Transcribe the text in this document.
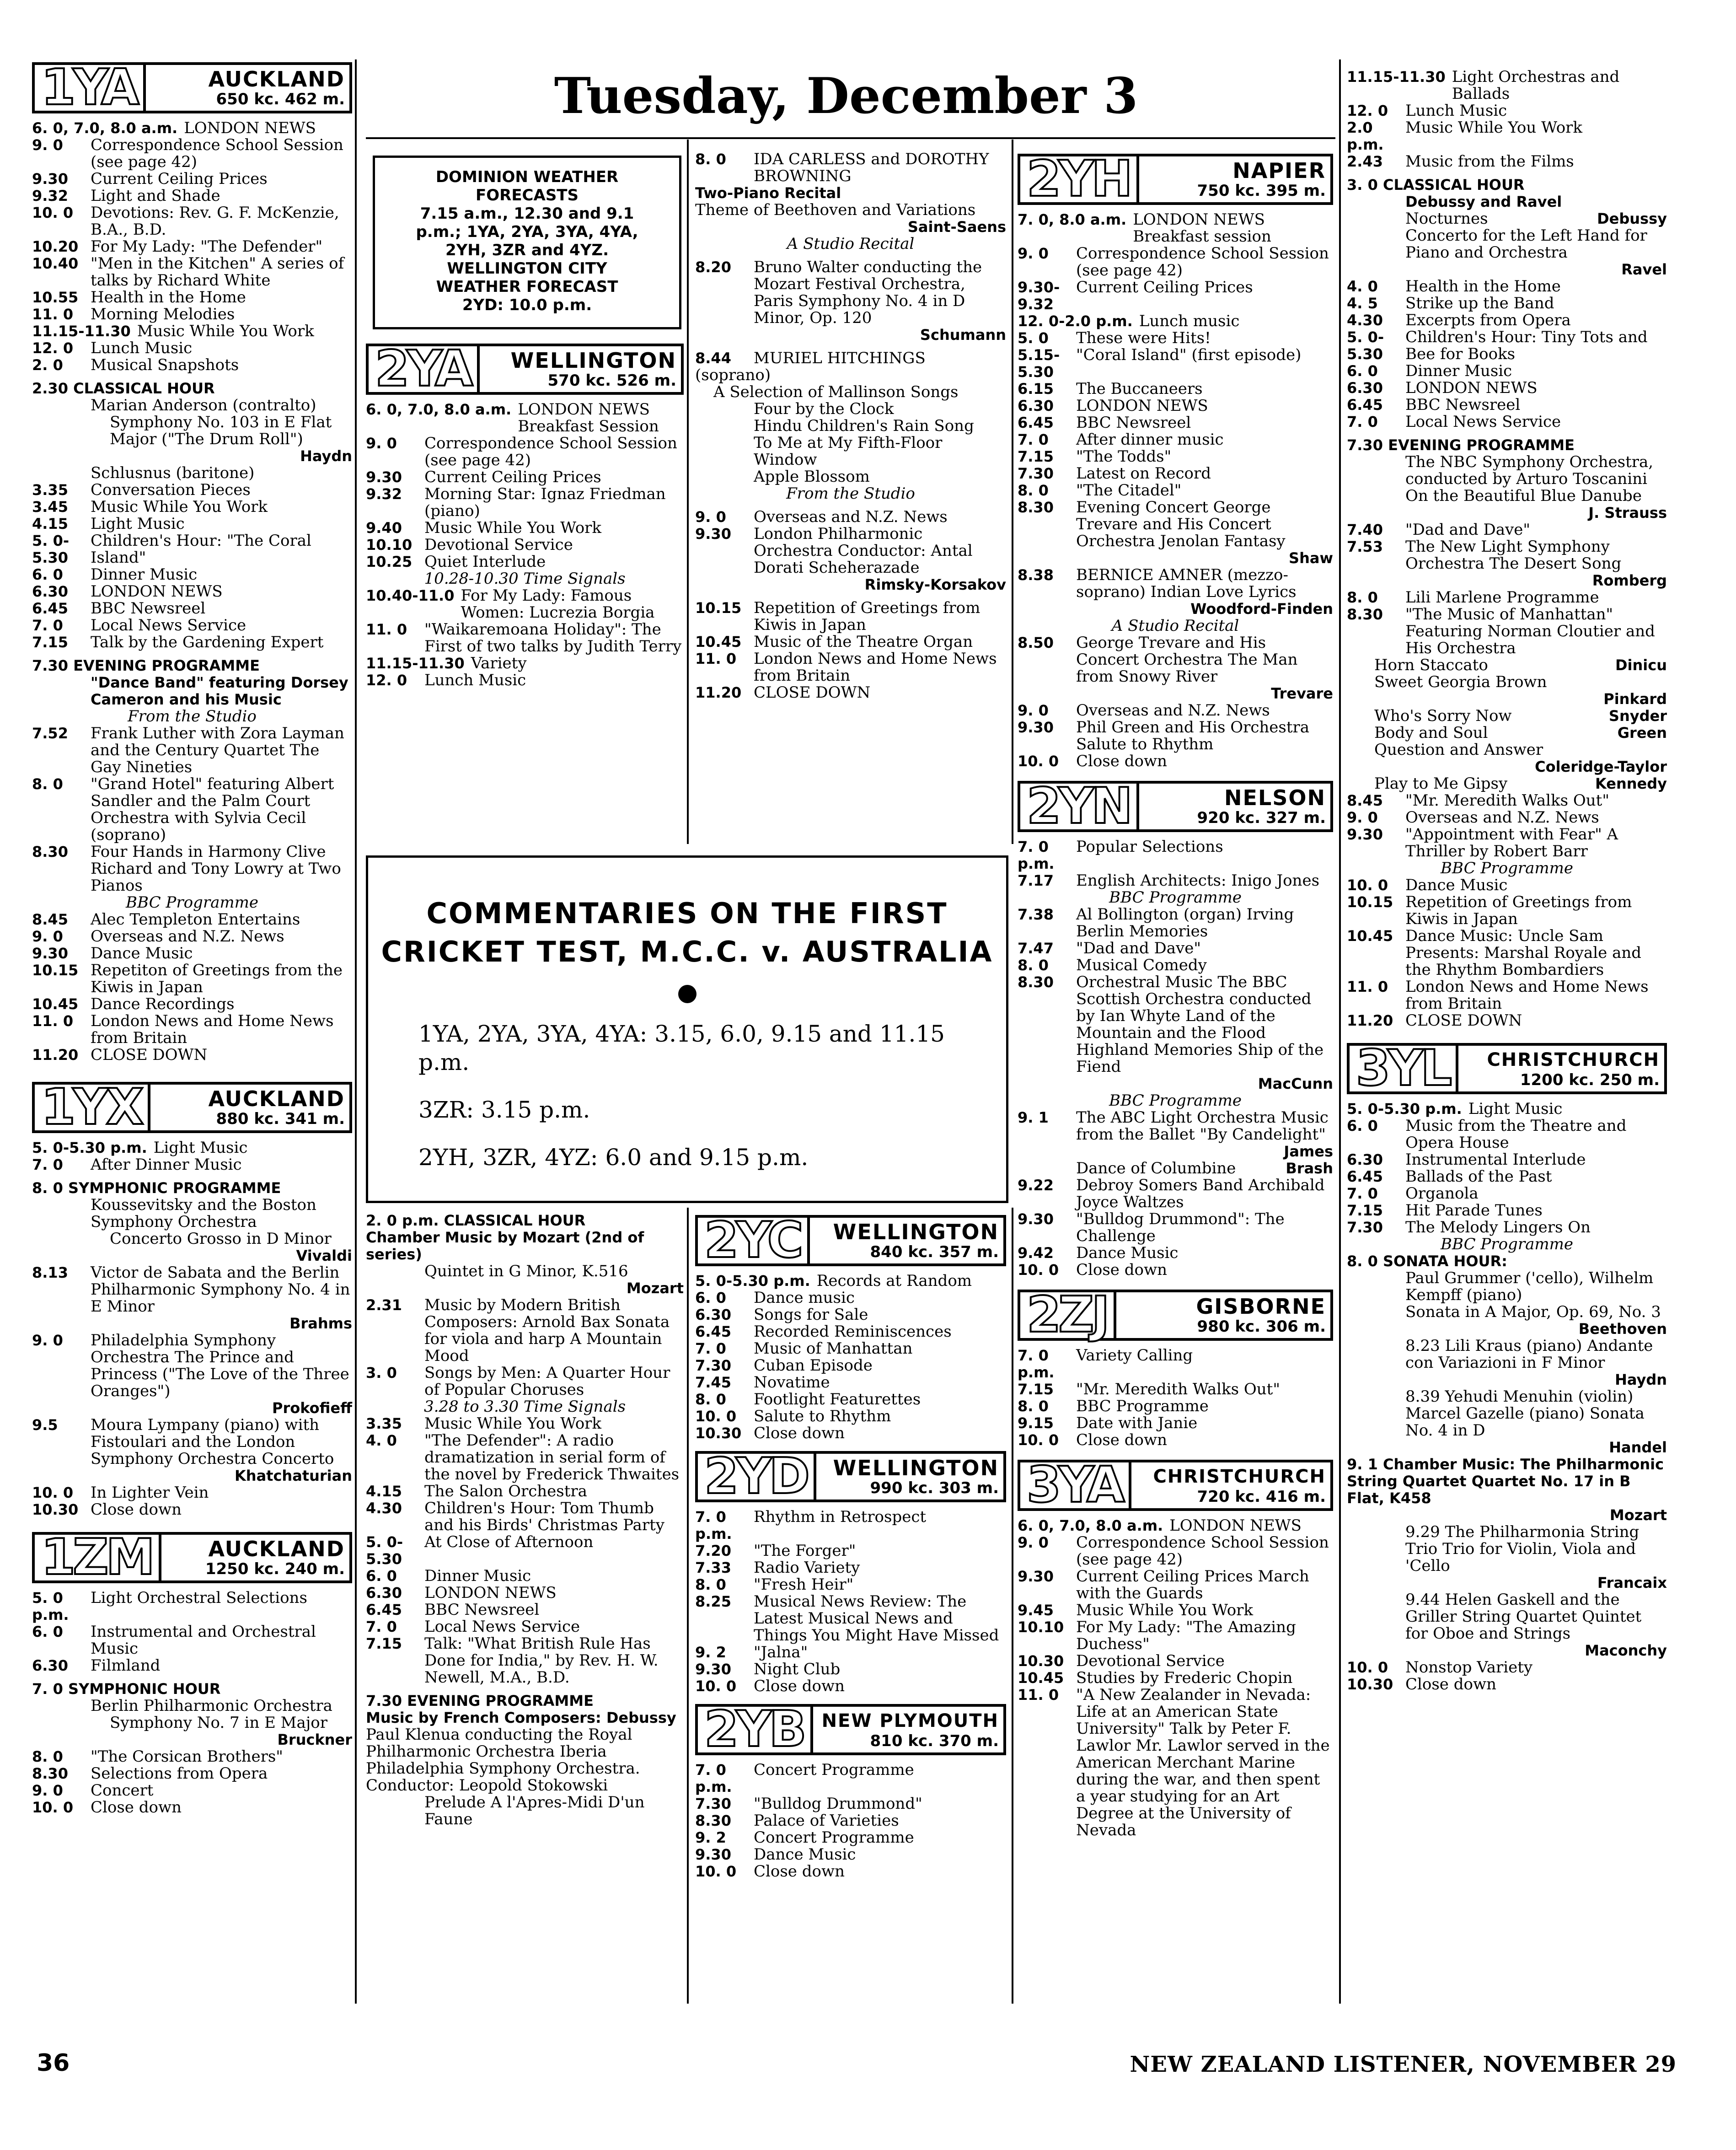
Tuesday, December 3
1YA	AUCKLAND
650 kc. 462 m.
6. 0, 7.0, 8.0 a.m. LONDON NEWS
9. 0	Correspondence School Session (see page 42)
9.30	Current Ceiling Prices
9.32	Light and Shade
10. 0	Devotions: Rev. G. F. McKenzie, B.A., B.D.
10.20 For My Lady: "The Defender"
10.40 "Men in the Kitchen" A series of talks by Richard White
10.55 Health in the Home
11. 0	Morning Melodies
11.15-11.30 Music While You Work
12. 0	Lunch Music
2. 0	Musical Snapshots
2.30 CLASSICAL HOUR
Marian Anderson (contralto)
Symphony No. 103 in E Flat Major ("The Drum Roll")
Haydn
Schlusnus (baritone)
3.35	Conversation Pieces
3.45	Music While You Work
4.15	Light Music
5. 0-5.30
Children's Hour: "The Coral Island"
6. 0	Dinner Music
6.30	LONDON NEWS
6.45	BBC Newsreel
7. 0	Local News Service
7.15	Talk by the Gardening Expert
7.30 EVENING PROGRAMME
"Dance Band" featuring Dorsey Cameron and his Music
From the Studio
7.52	Frank Luther with Zora Layman and the Century Quartet The Gay Nineties
8. 0	"Grand Hotel" featuring Albert Sandler and the Palm Court Orchestra with Sylvia Cecil (soprano)
8.30	Four Hands in Harmony Clive Richard and Tony Lowry at Two Pianos
BBC Programme
8.45	Alec Templeton Entertains
9. 0	Overseas and N.Z. News
9.30	Dance Music
10.15 Repetiton of Greetings from the Kiwis in Japan
10.45 Dance Recordings
11. 0	London News and Home News from Britain
11.20 CLOSE DOWN
1YX	AUCKLAND
880 kc. 341 m.
5. 0-5.30 p.m. Light Music
7. 0	After Dinner Music
8. 0 SYMPHONIC PROGRAMME
Koussevitsky and the Boston Symphony Orchestra
Concerto Grosso in D Minor
Vivaldi
8.13	Victor de Sabata and the Berlin Philharmonic Symphony No. 4 in E Minor
Brahms
9. 0	Philadelphia Symphony Orchestra The Prince and Princess ("The Love of the Three Oranges")
Prokofieff
9.5	Moura Lympany (piano) with Fistoulari and the London Symphony Orchestra Concerto
Khatchaturian
10. 0	In Lighter Vein
10.30 Close down
1ZM	AUCKLAND
1250 kc. 240 m.
5. 0 p.m.
Light Orchestral Selections
6. 0	Instrumental and Orchestral Music
6.30	Filmland
7. 0 SYMPHONIC HOUR
Berlin Philharmonic Orchestra
Symphony No. 7 in E Major
Bruckner
8. 0	"The Corsican Brothers"
8.30	Selections from Opera
9. 0	Concert
10. 0	Close down
DOMINION WEATHER
FORECASTS
7.15 a.m., 12.30 and 9.1
p.m.; 1YA, 2YA, 3YA, 4YA,
2YH, 3ZR and 4YZ.
WELLINGTON CITY
WEATHER FORECAST
2YD: 10.0 p.m.
2YA	WELLINGTON
570 kc. 526 m.
6. 0, 7.0, 8.0 a.m. LONDON NEWS Breakfast Session
9. 0	Correspondence School Session (see page 42)
9.30	Current Ceiling Prices
9.32	Morning Star: Ignaz Friedman (piano)
9.40	Music While You Work
10.10 Devotional Service
10.25 Quiet Interlude
10.28-10.30 Time Signals
10.40-11.0 For My Lady: Famous Women: Lucrezia Borgia
11. 0	"Waikaremoana Holiday": The First of two talks by Judith Terry
11.15-11.30 Variety
12. 0	Lunch Music
8. 0	IDA CARLESS and DOROTHY BROWNING
Two-Piano Recital
Theme of Beethoven and Variations
Saint-Saens
A Studio Recital
8.20	Bruno Walter conducting the Mozart Festival Orchestra, Paris Symphony No. 4 in D Minor, Op. 120
Schumann
8.44	MURIEL HITCHINGS
(soprano)
A Selection of Mallinson Songs
Four by the Clock
Hindu Children's Rain Song
To Me at My Fifth-Floor Window
Apple Blossom
From the Studio
9. 0	Overseas and N.Z. News
9.30	London Philharmonic Orchestra Conductor: Antal Dorati Scheherazade
Rimsky-Korsakov
10.15 Repetition of Greetings from Kiwis in Japan
10.45 Music of the Theatre Organ
11. 0	London News and Home News from Britain
11.20 CLOSE DOWN
COMMENTARIES ON THE FIRST
CRICKET TEST, M.C.C. v. AUSTRALIA
1YA, 2YA, 3YA, 4YA: 3.15, 6.0, 9.15 and 11.15 p.m.
3ZR: 3.15 p.m.
2YH, 3ZR, 4YZ: 6.0 and 9.15 p.m.
2. 0 p.m. CLASSICAL HOUR
Chamber Music by Mozart (2nd of series)
Quintet in G Minor, K.516
Mozart
2.31	Music by Modern British Composers: Arnold Bax Sonata for viola and harp A Mountain Mood
3. 0	Songs by Men: A Quarter Hour of Popular Choruses
3.28 to 3.30 Time Signals
3.35	Music While You Work
4. 0	"The Defender": A radio dramatization in serial form of the novel by Frederick Thwaites
4.15	The Salon Orchestra
4.30	Children's Hour: Tom Thumb and his Birds' Christmas Party
5. 0-5.30
At Close of Afternoon
6. 0	Dinner Music
6.30	LONDON NEWS
6.45	BBC Newsreel
7. 0	Local News Service
7.15	Talk: "What British Rule Has Done for India," by Rev. H. W. Newell, M.A., B.D.
7.30 EVENING PROGRAMME
Music by French Composers: Debussy
Paul Klenua conducting the Royal Philharmonic Orchestra Iberia
Philadelphia Symphony Orchestra. Conductor: Leopold Stokowski
Prelude A l'Apres-Midi D'un Faune
2YC	WELLINGTON
840 kc. 357 m.
5. 0-5.30 p.m. Records at Random
6. 0	Dance music
6.30	Songs for Sale
6.45	Recorded Reminiscences
7. 0	Music of Manhattan
7.30	Cuban Episode
7.45	Novatime
8. 0	Footlight Featurettes
10. 0	Salute to Rhythm
10.30 Close down
2YD	WELLINGTON
990 kc. 303 m.
7. 0 p.m.
Rhythm in Retrospect
7.20	"The Forger"
7.33	Radio Variety
8. 0	"Fresh Heir"
8.25	Musical News Review: The Latest Musical News and Things You Might Have Missed
9. 2	"Jalna"
9.30	Night Club
10. 0	Close down
2YB NEW PLYMOUTH
810 kc. 370 m.
7. 0 p.m.
Concert Programme
7.30	"Bulldog Drummond"
8.30	Palace of Varieties
9. 2	Concert Programme
9.30	Dance Music
10. 0	Close down
2YH	NAPIER
750 kc. 395 m.
7. 0, 8.0 a.m. LONDON NEWS Breakfast session
9. 0	Correspondence School Session (see page 42)
9.30-9.32
Current Ceiling Prices
12. 0-2.0 p.m. Lunch music
5. 0	These were Hits!
5.15-5.30
"Coral Island" (first episode)
6.15	The Buccaneers
6.30	LONDON NEWS
6.45	BBC Newsreel
7. 0	After dinner music
7.15	"The Todds"
7.30	Latest on Record
8. 0	"The Citadel"
8.30	Evening Concert George Trevare and His Concert Orchestra Jenolan Fantasy
Shaw
8.38	BERNICE AMNER (mezzo-soprano) Indian Love Lyrics
Woodford-Finden
A Studio Recital
8.50	George Trevare and His Concert Orchestra The Man from Snowy River
Trevare
9. 0	Overseas and N.Z. News
9.30	Phil Green and His Orchestra Salute to Rhythm
10. 0	Close down
2YN	NELSON
920 kc. 327 m.
7. 0 p.m.
Popular Selections
7.17	English Architects: Inigo Jones
BBC Programme
7.38	Al Bollington (organ) Irving Berlin Memories
7.47	"Dad and Dave"
8. 0	Musical Comedy
8.30	Orchestral Music The BBC Scottish Orchestra conducted by Ian Whyte Land of the Mountain and the Flood Highland Memories Ship of the Fiend
MacCunn
BBC Programme
9. 1	The ABC Light Orchestra Music from the Ballet "By Candelight"
James
Dance of Columbine	Brash
9.22	Debroy Somers Band Archibald Joyce Waltzes
9.30	"Bulldog Drummond": The Challenge
9.42	Dance Music
10. 0	Close down
2ZJ	GISBORNE
980 kc. 306 m.
7. 0 p.m.
Variety Calling
7.15	"Mr. Meredith Walks Out"
8. 0	BBC Programme
9.15	Date with Janie
10. 0	Close down
3YA	CHRISTCHURCH
720 kc. 416 m.
6. 0, 7.0, 8.0 a.m. LONDON NEWS
9. 0	Correspondence School Session (see page 42)
9.30	Current Ceiling Prices March with the Guards
9.45	Music While You Work
10.10 For My Lady: "The Amazing Duchess"
10.30 Devotional Service
10.45 Studies by Frederic Chopin
11. 0	"A New Zealander in Nevada: Life at an American State University" Talk by Peter F. Lawlor Mr. Lawlor served in the American Merchant Marine during the war, and then spent a year studying for an Art Degree at the University of Nevada
11.15-11.30 Light Orchestras and Ballads
12. 0	Lunch Music
2.0 p.m.
Music While You Work
2.43	Music from the Films
3. 0 CLASSICAL HOUR
Debussy and Ravel
Nocturnes	Debussy
Concerto for the Left Hand for Piano and Orchestra
Ravel
4. 0	Health in the Home
4. 5	Strike up the Band
4.30	Excerpts from Opera
5. 0-5.30
Children's Hour: Tiny Tots and Bee for Books
6. 0	Dinner Music
6.30	LONDON NEWS
6.45	BBC Newsreel
7. 0	Local News Service
7.30 EVENING PROGRAMME
The NBC Symphony Orchestra, conducted by Arturo Toscanini
On the Beautiful Blue Danube
J. Strauss
7.40	"Dad and Dave"
7.53	The New Light Symphony Orchestra The Desert Song
Romberg
8. 0	Lili Marlene Programme
8.30	"The Music of Manhattan" Featuring Norman Cloutier and His Orchestra
Horn Staccato	Dinicu
Sweet Georgia Brown
Pinkard
Who's Sorry Now	Snyder
Body and Soul	Green
Question and Answer
Coleridge-Taylor
Play to Me Gipsy	Kennedy
8.45	"Mr. Meredith Walks Out"
9. 0	Overseas and N.Z. News
9.30	"Appointment with Fear" A Thriller by Robert Barr
BBC Programme
10. 0	Dance Music
10.15 Repetition of Greetings from Kiwis in Japan
10.45 Dance Music: Uncle Sam Presents: Marshal Royale and the Rhythm Bombardiers
11. 0	London News and Home News from Britain
11.20 CLOSE DOWN
3YL	CHRISTCHURCH
1200 kc. 250 m.
5. 0-5.30 p.m. Light Music
6. 0	Music from the Theatre and Opera House
6.30	Instrumental Interlude
6.45	Ballads of the Past
7. 0	Organola
7.15	Hit Parade Tunes
7.30	The Melody Lingers On
BBC Programme
8. 0 SONATA HOUR:
Paul Grummer ('cello), Wilhelm Kempff (piano)
Sonata in A Major, Op. 69, No. 3
Beethoven
8.23 Lili Kraus (piano) Andante con Variazioni in F Minor
Haydn
8.39 Yehudi Menuhin (violin) Marcel Gazelle (piano) Sonata No. 4 in D
Handel
9. 1 Chamber Music: The Philharmonic String Quartet Quartet No. 17 in B Flat, K458
Mozart
9.29 The Philharmonia String Trio Trio for Violin, Viola and 'Cello
Francaix
9.44 Helen Gaskell and the Griller String Quartet Quintet for Oboe and Strings
Maconchy
10. 0	Nonstop Variety
10.30 Close down
36	NEW ZEALAND LISTENER, NOVEMBER 29
